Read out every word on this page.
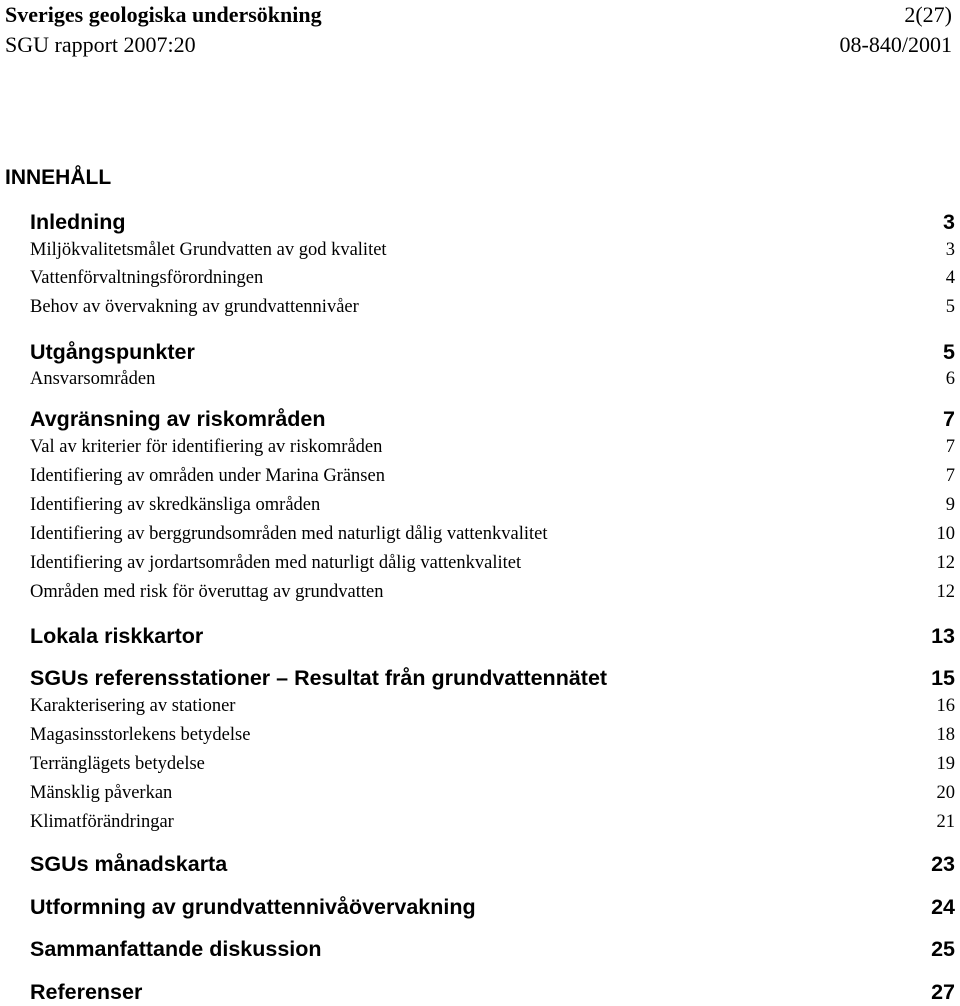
Sveriges geologiska undersökning	2(27)
SGU rapport 2007:20	08-840/2001
INNEHÅLL
Inledning	3
Miljökvalitetsmålet Grundvatten av god kvalitet	3
Vattenförvaltningsförordningen	4
Behov av övervakning av grundvattennivåer	5
Utgångspunkter	5
Ansvarsområden	6
Avgränsning av riskområden	7
Val av kriterier för identifiering av riskområden	7
Identifiering av områden under Marina Gränsen	7
Identifiering av skredkänsliga områden	9
Identifiering av berggrundsområden med naturligt dålig vattenkvalitet	10
Identifiering av jordartsområden med naturligt dålig vattenkvalitet	12
Områden med risk för överuttag av grundvatten	12
Lokala riskkartor	13
SGUs referensstationer – Resultat från grundvattennätet	15
Karakterisering av stationer	16
Magasinsstorlekens betydelse	18
Terränglägets betydelse	19
Mänsklig påverkan	20
Klimatförändringar	21
SGUs månadskarta	23
Utformning av grundvattennivåövervakning	24
Sammanfattande diskussion	25
Referenser	27
